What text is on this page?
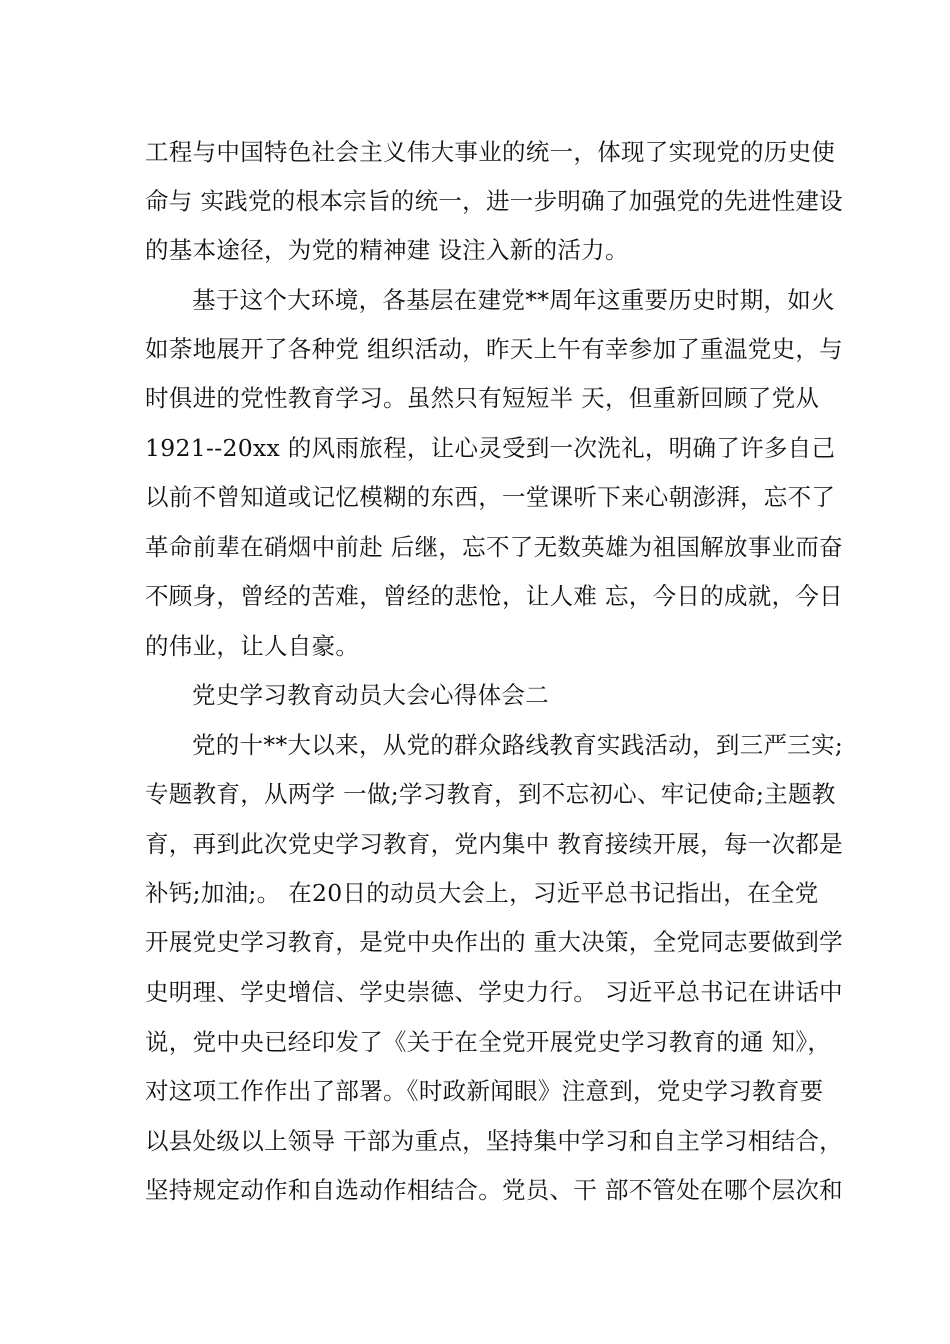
工程与中国特色社会主义伟大事业的统一，体现了实现党的历史使
命与 实践党的根本宗旨的统一，进一步明确了加强党的先进性建设
的基本途径，为党的精神建 设注入新的活力。
基于这个大环境，各基层在建党**周年这重要历史时期，如火
如荼地展开了各种党 组织活动，昨天上午有幸参加了重温党史，与
时俱进的党性教育学习。虽然只有短短半 天，但重新回顾了党从
1921--20xx 的风雨旅程，让心灵受到一次洗礼，明确了许多自己
以前不曾知道或记忆模糊的东西，一堂课听下来心朝澎湃，忘不了
革命前辈在硝烟中前赴 后继，忘不了无数英雄为祖国解放事业而奋
不顾身，曾经的苦难，曾经的悲怆，让人难 忘，今日的成就，今日
的伟业，让人自豪。
党史学习教育动员大会心得体会二
党的十**大以来，从党的群众路线教育实践活动，到三严三实;
专题教育，从两学 一做;学习教育，到不忘初心、牢记使命;主题教
育，再到此次党史学习教育，党内集中 教育接续开展，每一次都是
补钙;加油;。 在20日的动员大会上，习近平总书记指出，在全党
开展党史学习教育，是党中央作出的 重大决策，全党同志要做到学
史明理、学史增信、学史崇德、学史力行。 习近平总书记在讲话中
说，党中央已经印发了《关于在全党开展党史学习教育的通 知》，
对这项工作作出了部署。《时政新闻眼》注意到，党史学习教育要
以县处级以上领导 干部为重点，坚持集中学习和自主学习相结合，
坚持规定动作和自选动作相结合。党员、干 部不管处在哪个层次和
